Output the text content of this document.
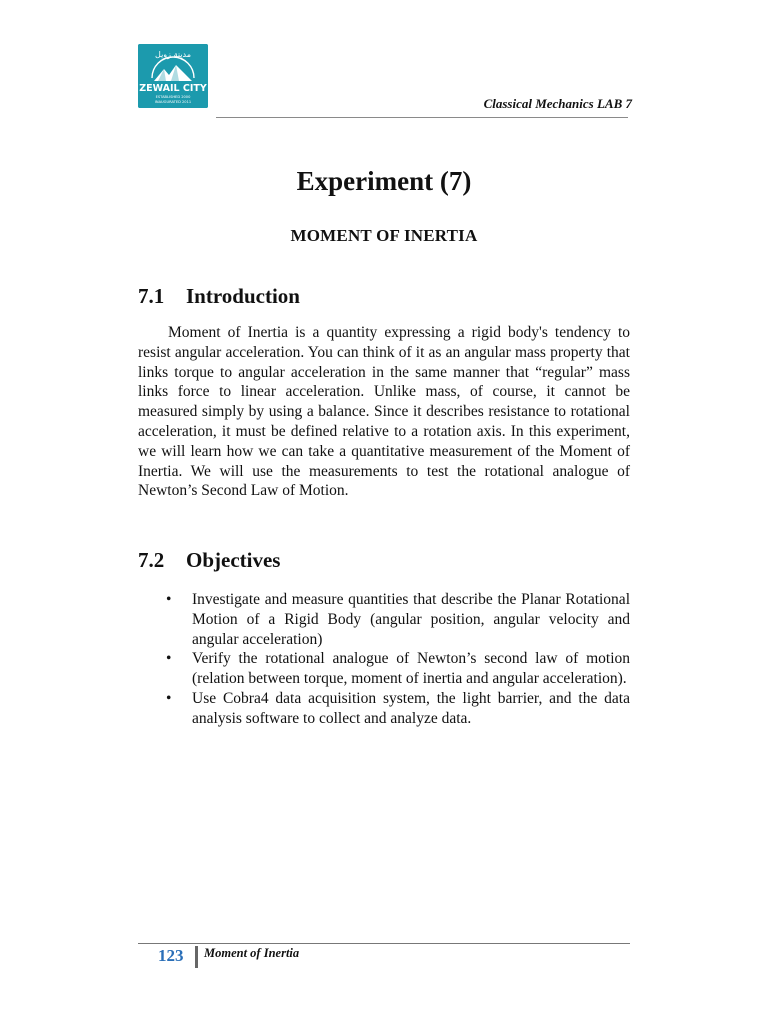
مدينة زويل
ZEWAIL CITY
ESTABLISHED 2000
INAUGURATED 2011	Classical Mechanics LAB 7
Experiment (7)
MOMENT OF INERTIA
7.1 Introduction

Moment of Inertia is a quantity expressing a rigid body's tendency to resist angular acceleration. You can think of it as an angular mass property that links torque to angular acceleration in the same manner that “regular” mass links force to linear acceleration. Unlike mass, of course, it cannot be measured simply by using a balance. Since it describes resistance to rotational acceleration, it must be defined relative to a rotation axis. In this experiment, we will learn how we can take a quantitative measurement of the Moment of Inertia. We will use the measurements to test the rotational analogue of Newton’s Second Law of Motion.

7.2 Objectives
• Investigate and measure quantities that describe the Planar Rotational Motion of a Rigid Body (angular position, angular velocity and angular acceleration)
• Verify the rotational analogue of Newton’s second law of motion (relation between torque, moment of inertia and angular acceleration).
• Use Cobra4 data acquisition system, the light barrier, and the data analysis software to collect and analyze data.
123 Moment of Inertia
